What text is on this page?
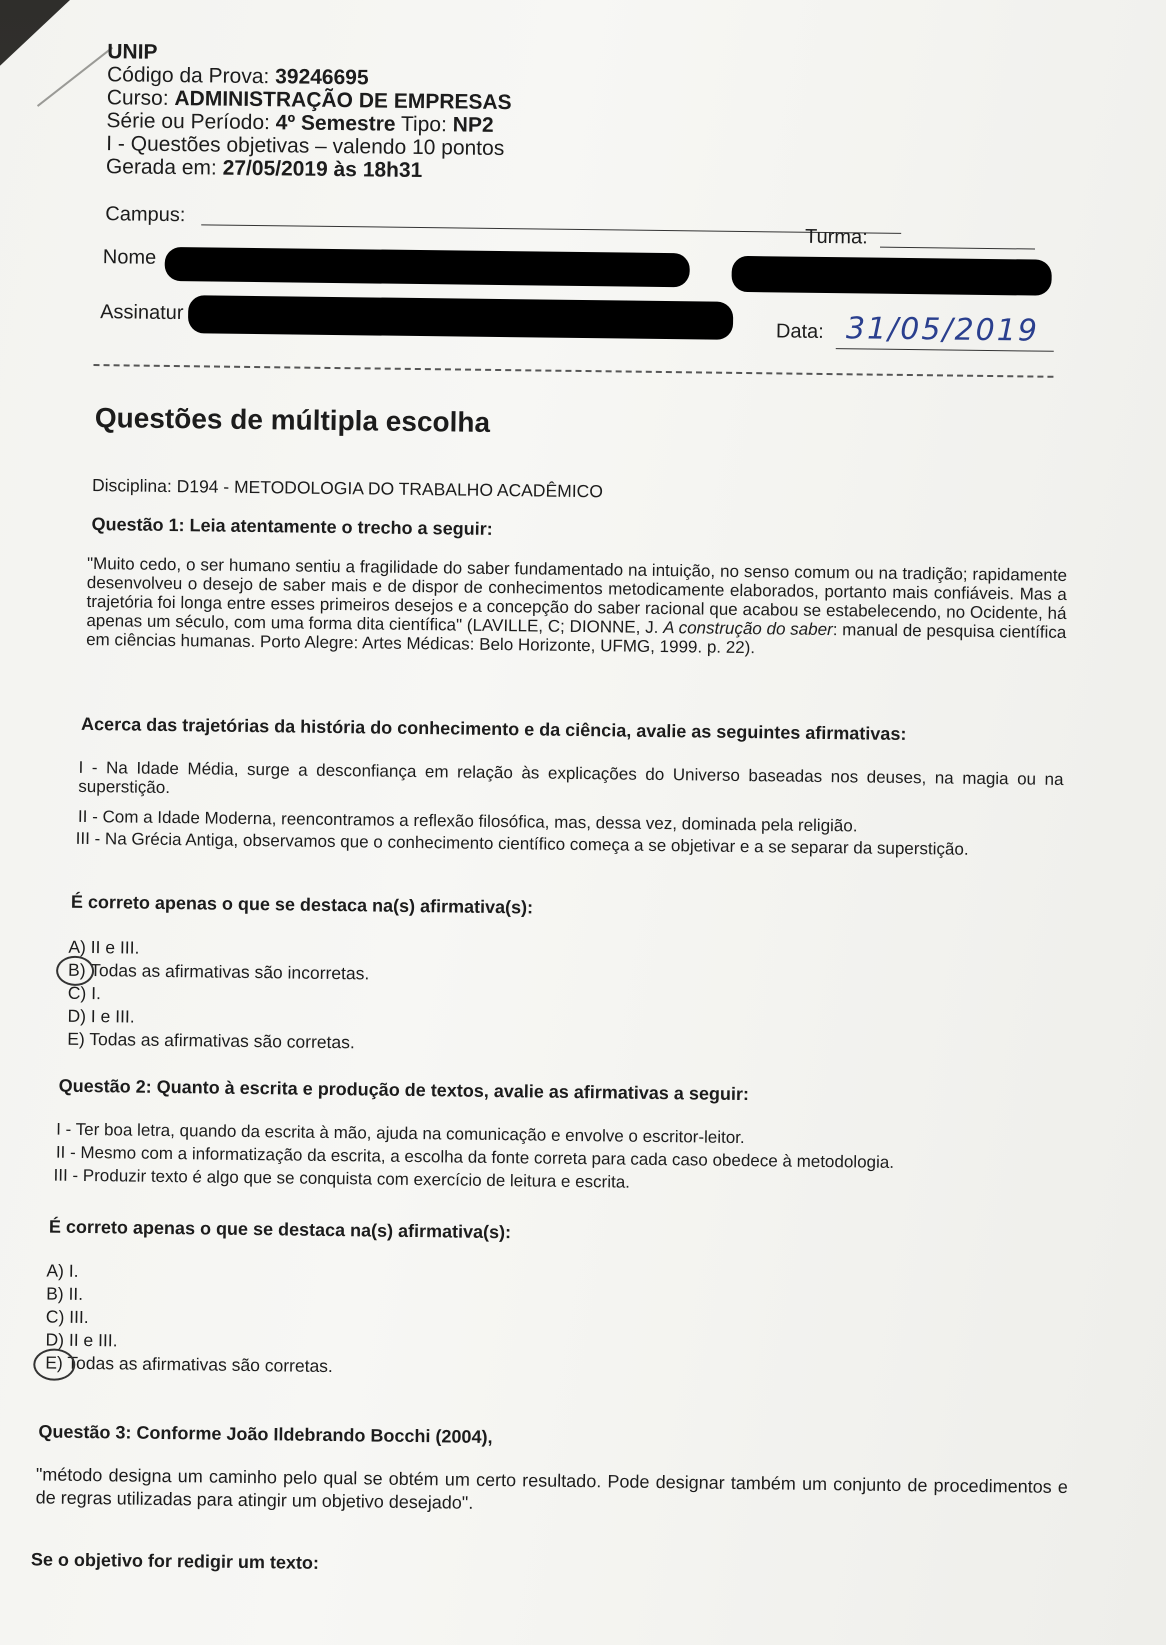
UNIP
Código da Prova: 39246695
Curso: ADMINISTRAÇÃO DE EMPRESAS
Série ou Período: 4º Semestre Tipo: NP2
I - Questões objetivas – valendo 10 pontos
Gerada em: 27/05/2019 às 18h31
Campus:
Turma:
Nome
Assinatur
Data: 31/05/2019
Questões de múltipla escolha
Disciplina: D194 - METODOLOGIA DO TRABALHO ACADÊMICO
Questão 1: Leia atentamente o trecho a seguir:
"Muito cedo, o ser humano sentiu a fragilidade do saber fundamentado na intuição, no senso comum ou na tradição; rapidamente desenvolveu o desejo de saber mais e de dispor de conhecimentos metodicamente elaborados, portanto mais confiáveis. Mas a trajetória foi longa entre esses primeiros desejos e a concepção do saber racional que acabou se estabelecendo, no Ocidente, há apenas um século, com uma forma dita científica" (LAVILLE, C; DIONNE, J. A construção do saber: manual de pesquisa científica em ciências humanas. Porto Alegre: Artes Médicas: Belo Horizonte, UFMG, 1999. p. 22).
Acerca das trajetórias da história do conhecimento e da ciência, avalie as seguintes afirmativas:
I - Na Idade Média, surge a desconfiança em relação às explicações do Universo baseadas nos deuses, na magia ou na superstição.
II - Com a Idade Moderna, reencontramos a reflexão filosófica, mas, dessa vez, dominada pela religião.
III - Na Grécia Antiga, observamos que o conhecimento científico começa a se objetivar e a se separar da superstição.
É correto apenas o que se destaca na(s) afirmativa(s):
A) II e III.
B) Todas as afirmativas são incorretas.
C) I.
D) I e III.
E) Todas as afirmativas são corretas.
Questão 2: Quanto à escrita e produção de textos, avalie as afirmativas a seguir:
I - Ter boa letra, quando da escrita à mão, ajuda na comunicação e envolve o escritor-leitor.
II - Mesmo com a informatização da escrita, a escolha da fonte correta para cada caso obedece à metodologia.
III - Produzir texto é algo que se conquista com exercício de leitura e escrita.
É correto apenas o que se destaca na(s) afirmativa(s):
A) I.
B) II.
C) III.
D) II e III.
E) Todas as afirmativas são corretas.
Questão 3: Conforme João Ildebrando Bocchi (2004),
"método designa um caminho pelo qual se obtém um certo resultado. Pode designar também um conjunto de procedimentos e de regras utilizadas para atingir um objetivo desejado".
Se o objetivo for redigir um texto:
